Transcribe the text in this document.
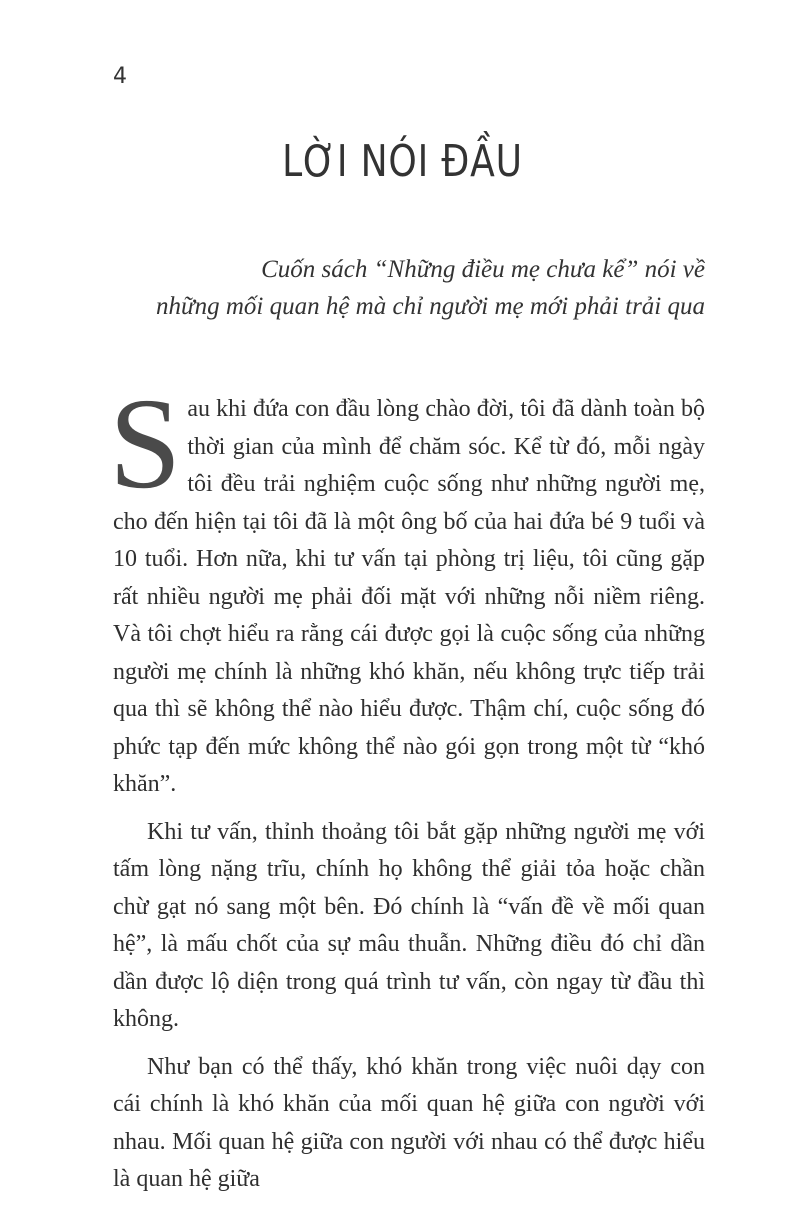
4
LỜI NÓI ĐẦU
Cuốn sách “Những điều mẹ chưa kể” nói về
những mối quan hệ mà chỉ người mẹ mới phải trải qua

Sau khi đứa con đầu lòng chào đời, tôi đã dành toàn bộ thời gian của mình để chăm sóc. Kể từ đó, mỗi ngày tôi đều trải nghiệm cuộc sống như những người mẹ, cho đến hiện tại tôi đã là một ông bố của hai đứa bé 9 tuổi và 10 tuổi. Hơn nữa, khi tư vấn tại phòng trị liệu, tôi cũng gặp rất nhiều người mẹ phải đối mặt với những nỗi niềm riêng. Và tôi chợt hiểu ra rằng cái được gọi là cuộc sống của những người mẹ chính là những khó khăn, nếu không trực tiếp trải qua thì sẽ không thể nào hiểu được. Thậm chí, cuộc sống đó phức tạp đến mức không thể nào gói gọn trong một từ “khó khăn”.

Khi tư vấn, thỉnh thoảng tôi bắt gặp những người mẹ với tấm lòng nặng trĩu, chính họ không thể giải tỏa hoặc chần chừ gạt nó sang một bên. Đó chính là “vấn đề về mối quan hệ”, là mấu chốt của sự mâu thuẫn. Những điều đó chỉ dần dần được lộ diện trong quá trình tư vấn, còn ngay từ đầu thì không.

Như bạn có thể thấy, khó khăn trong việc nuôi dạy con cái chính là khó khăn của mối quan hệ giữa con người với nhau. Mối quan hệ giữa con người với nhau có thể được hiểu là quan hệ giữa
